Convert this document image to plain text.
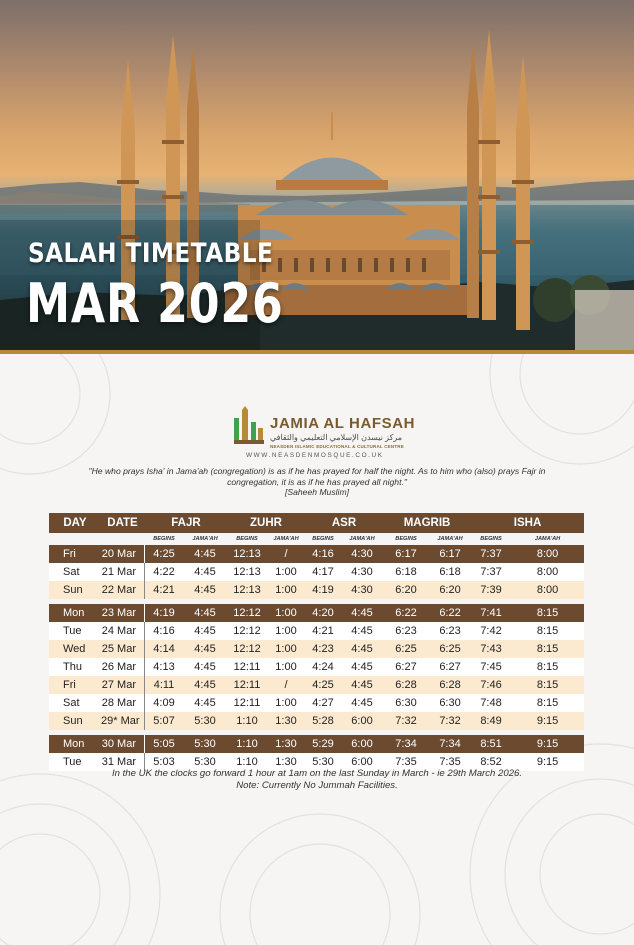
SALAH TIMETABLE
MAR 2026
JAMIA AL HAFSAH
مركز نيسدن الإسلامي التعليمي والثقافي
NEASDEN ISLAMIC EDUCATIONAL & CULTURAL CENTRE
WWW.NEASDENMOSQUE.CO.UK
"He who prays Isha' in Jama'ah (congregation) is as if he has prayed for half the night. As to him who (also) prays Fajr in congregation, it is as if he has prayed all night."
[Saheeh Muslim]
DAY	DATE	FAJR		ZUHR		ASR		MAGRIB		ISHA	
		BEGINS	JAMA'AH	BEGINS	JAMA'AH	BEGINS	JAMA'AH	BEGINS	JAMA'AH	BEGINS	JAMA'AH
Fri	20 Mar	4:25	4:45	12:13	/	4:16	4:30	6:17	6:17	7:37	8:00
Sat	21 Mar	4:22	4:45	12:13	1:00	4:17	4:30	6:18	6:18	7:37	8:00
Sun	22 Mar	4:21	4:45	12:13	1:00	4:19	4:30	6:20	6:20	7:39	8:00

Mon	23 Mar	4:19	4:45	12:12	1:00	4:20	4:45	6:22	6:22	7:41	8:15
Tue	24 Mar	4:16	4:45	12:12	1:00	4:21	4:45	6:23	6:23	7:42	8:15
Wed	25 Mar	4:14	4:45	12:12	1:00	4:23	4:45	6:25	6:25	7:43	8:15
Thu	26 Mar	4:13	4:45	12:11	1:00	4:24	4:45	6:27	6:27	7:45	8:15
Fri	27 Mar	4:11	4:45	12:11	/	4:25	4:45	6:28	6:28	7:46	8:15
Sat	28 Mar	4:09	4:45	12:11	1:00	4:27	4:45	6:30	6:30	7:48	8:15
Sun	29* Mar	5:07	5:30	1:10	1:30	5:28	6:00	7:32	7:32	8:49	9:15

Mon	30 Mar	5:05	5:30	1:10	1:30	5:29	6:00	7:34	7:34	8:51	9:15
Tue	31 Mar	5:03	5:30	1:10	1:30	5:30	6:00	7:35	7:35	8:52	9:15
In the UK the clocks go forward 1 hour at 1am on the last Sunday in March - ie 29th March 2026.
Note: Currently No Jummah Facilities.
